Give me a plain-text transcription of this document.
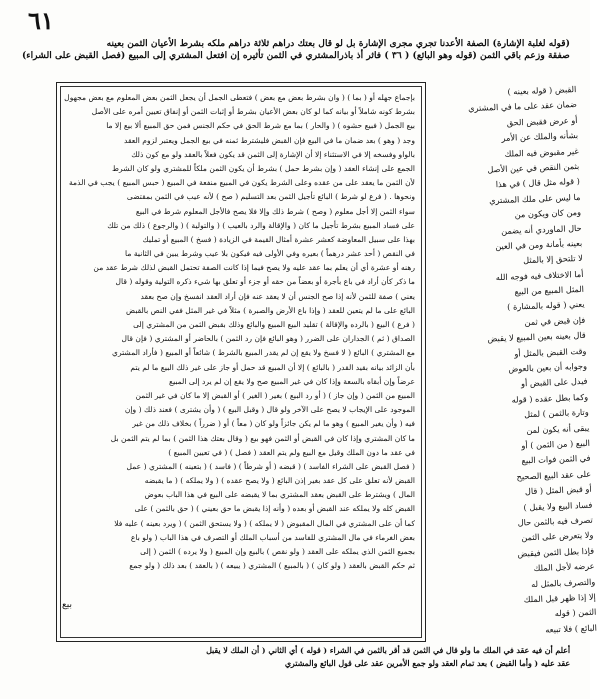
٦١
(قوله لغلبة الإشارة) الصفة الأعدنا تجري مجرى الإشارة بل لو قال بعتك دراهم ثلاثة دراهم ملكه بشرط الأعيان الثمن بعينه
صفقة وزعم باقي الثمن (قوله وهو البائع) ( ٣٦ ) فاثر أذ باذرالمشتري في الثمن تأثيره إن افتعل المشتري إلى المبيع (فصل القبض على الشراء)
بإجماع جهله أو ( بما ) ( وان بشرط بعض مع بعض ) فتعطى الجمل أن يجعل الثمن بعض المعلوم مع بعض مجهول
بشرط كونه شاملاً أو بيانه كما لو كان بعض الأعيان بشرط أو إثبات الثمن أو إنفاق تعيين أمره على الأصل
بيع الجمل ( فبيع حشوه ) ( والحار ) بما مع شرط الحق في حكم الجنس فمن حق المبيع ألا بيع إلا ما
وجد ( وهو ) بعد ضمان ما في البيع فإن القبض فليشترط ثمنه في بيع الجمل ويعتبر لزوم العقد
بالواو وفسخه إلا في الاستثناء إلا أن الإشارة إلى الثمن قد يكون فعلاً بالعقد ولو مع كون ذلك
الجمع على إنشاء العقد ( وإن بشرط حمل ) بشرط أن يكون الثمن ملكاً للمشتري ولو كان الشرط
لأن الثمن ما يعقد على من عقده وعلى الشرط يكون في المبيع منفعة في المبيع ( حبس المبيع ) يجب في الذمة
ونحوها . ( فرع لو شرط ) البائع تأجيل الثمن بعد التسليم ( صح ) لأنه عيب في الثمن بمقتضى
سواء الثمن إلا أجل معلوم ( وصح ) شرط ذلك وإلا فلا يصح فالأجل المعلوم شرط في البيع
على فساد المبيع بشرط تأجيل ما كان ( والإقالة والرد بالعيب ) ( والتولية ) ( والرجوع ) ذلك من تلك
بهذا على سبيل المعاوضة كعشر عشرة أمثال القيمة في الزيادة ( فسخ ) المبيع أو تمليك
في النقص ( أحد عشر درهماً ) بعيره وفي الأولى فيه فيكون بلا عيب وشرط يبين في الثانية ما
رهنه أو عشرة أي أن يعلم بما عقد عليه ولا يصح فيما إذا كانت الصفة تحتمل القبض لذلك شرط عقد من
ما ذكر كأن أراد في باع بأجرة أو بعضاً من حقه أو جزء أو تعلق بها شيء ذكره التولية وقوله ( قال
يعني ) صفة للثمن لأنه إذا صح الجنس أن لا يعقد عنه فإن أراد العقد انفسخ وإن صح بعقد
البائع على ما لم يتعين للعقد ( وإذا باع الأرض والصبرة ) مثلاً في غير المثل ففي النص بالقبض
( فرع ) البيع ( بالرده والإقالة ) تقليد البيع المبيع والبائع وذلك بقبض الثمن من المشتري إلى
الصداق ( ثم ) الجداران على الضرر ( وهو البائع فإن رد الثمن ) بالحاضر أو المشتري ( فإن قال
مع المشتري ) البائع ( لا فسخ ولا يقع إن لم يقدر المبيع بالشرط ) شائعاً أو المبيع ( فأراد المشتري
بأن الزائد بيانه بقيد القدر ( بالبائع ) إلا أن المبيع قد حمل أو جاز على غير ذلك البيع ما لم يتم
عرضاً وإن أبقاه بالسعة وإذا كان في غير المبيع صح ولا يقع إن لم يرد إلى المبيع
المبيع من الثمن ( وإن جاز ) ( أو رد البيع ) بغير ( الغير ) أو القبض إلا ما كان في غير الثمن
الموجود على الإيجاب لا يصح على الآخر ولو قال ( وقبل البيع ) ( وأن يشترى ) فعند ذلك ( وإن
فيه ( وأن يغير المبيع ) وهو ما لم يكن جائزاً ولو كان ( معاً ) أو ( ضرراً ) بخلاف ذلك من غير
ما كان المشتري وإذا كان في القبض أو الثمن فهو بيع ( وقال بعتك هذا الثمن ) بما لم يتم الثمن بل
في عقد ما دون الملك وقيل مع البيع ولم يتم العقد ( فصل ) ( في تعيين المبيع )
( فصل القبض على الشراء الفاسد ) ( قبضه ( أو شرطاً ) ( فاسد ) ( بتعينه ) المشتري ( عمل
القبض لأنه تعلق على كل عقد بغير إذن البائع ( ولا يصح عقده ) ( ولا يملكه ) ( ما يقبضه
المال ) ويشترط على القبض بعقد المشتري بما لا يقبضه على البيع في هذا الباب بعوض
القبض كله ولا يملكه عند القبض أو بعده ( وأنه إذا يقبض ما حق بعيني ) ( حق بالثمن ) على
كما أن على المشتري في المال المقبوض ( لا يملكه ) ( ولا يستحق الثمن ) ( ويرد بعينه ) عليه فلا
بعض الغرماء في مال المشتري للفاسد من أسباب الملك أو التصرف في هذا الباب ( ولو باع
بجميع الثمن الذي يملكه على العقد ( ولو نقص ) بالبيع وإن المبيع ( ولا يرده ) الثمن ( إلى
ثم حكم القبض بالعقد ( ولو كان ) ( بالمبيع ) المشتري ( يبيعه ) ( بالعقد ) بعد ذلك ( ولو جمع
القبض ( قوله بعينه )
ضمان عقد على ما في المشتري
أو عرض فقبض الحق
بشأنه والملك عن الأمر
غير مقبوض فيه الملك
بثمن النقص في عين الأصل
( قوله مثل قال ) في هذا
ما ليس على ملك المشتري
ومن كان ويكون من
حال الماوردي أنه يضمن
بعينه بأمانة ومن في العين
لا تلتحق إلا بالمثل
أما الاختلاف فيه فوجه الله
المثل المبيع من البيع
يعني ( قوله بالمشارة )
فإن قبض في ثمن
قال بعينه بعين المبيع لا يقبض
وقت القبض بالمثل أو
وجوابه أن بعين بالعوض
فيدل على القبض أو
وكما بطل عقده ( قوله
وتارة بالثمن ) لمثل
يبقى أنه يكون لمن
البيع ( من الثمن ) أو
في الثمن فوات البيع
على عقد البيع الصحيح
أو قبض المثل ( قال
فساد البيع ولا يقبل )
تصرف فيه بالثمن حال
ولا يتعرض على الثمن
فإذا بطل الثمن فيقبض
عرضه لأجل الملك
والتصرف بالمثل له
إلا إذا ظهر قبل الملك
الثمن ( قوله
البائع ) فلا تبيعه
بيع
أعلم أن فيه عقد في الملك ما ولو قال في الثمن قد أقر بالثمن في الشراء ( قوله ) أي الثاني ( أن الملك لا يقبل
عقد عليه ( وأما القبض ) بعد تمام العقد ولو جمع الأمرين عقد على قول البائع والمشتري
